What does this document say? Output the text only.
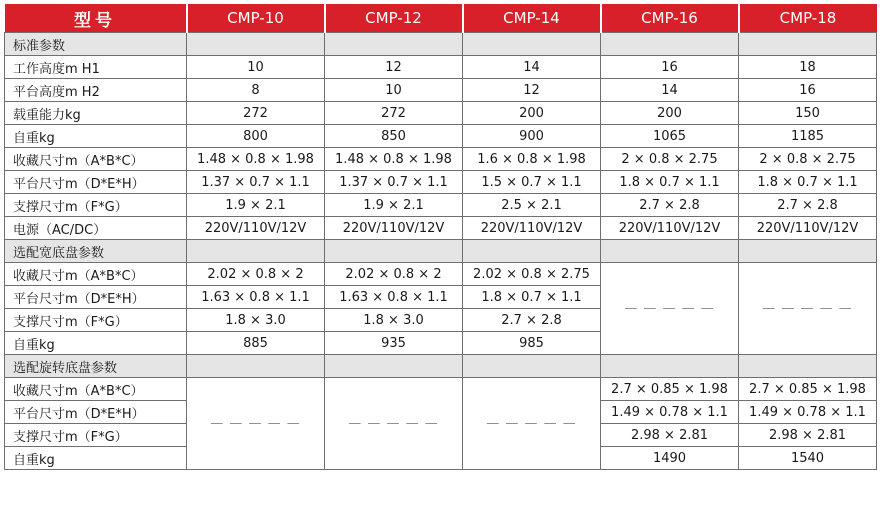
型号	CMP-10	CMP-12	CMP-14	CMP-16	CMP-18
标准参数					
工作高度m H1	10	12	14	16	18
平台高度m H2	8	10	12	14	16
载重能力kg	272	272	200	200	150
自重kg	800	850	900	1065	1185
收藏尺寸m（A*B*C）	1.48 × 0.8 × 1.98	1.48 × 0.8 × 1.98	1.6 × 0.8 × 1.98	2 × 0.8 × 2.75	2 × 0.8 × 2.75
平台尺寸m（D*E*H）	1.37 × 0.7 × 1.1	1.37 × 0.7 × 1.1	1.5 × 0.7 × 1.1	1.8 × 0.7 × 1.1	1.8 × 0.7 × 1.1
支撑尺寸m（F*G）	1.9 × 2.1	1.9 × 2.1	2.5 × 2.1	2.7 × 2.8	2.7 × 2.8
电源（AC/DC）	220V/110V/12V	220V/110V/12V	220V/110V/12V	220V/110V/12V	220V/110V/12V
选配宽底盘参数					
收藏尺寸m（A*B*C）	2.02 × 0.8 × 2	2.02 × 0.8 × 2	2.02 × 0.8 × 2.75	— — — — —	— — — — —
平台尺寸m（D*E*H）	1.63 × 0.8 × 1.1	1.63 × 0.8 × 1.1	1.8 × 0.7 × 1.1		
支撑尺寸m（F*G）	1.8 × 3.0	1.8 × 3.0	2.7 × 2.8		
自重kg	885	935	985		
选配旋转底盘参数					
收藏尺寸m（A*B*C）	— — — — —	— — — — —	— — — — —	2.7 × 0.85 × 1.98	2.7 × 0.85 × 1.98
平台尺寸m（D*E*H）				1.49 × 0.78 × 1.1	1.49 × 0.78 × 1.1
支撑尺寸m（F*G）				2.98 × 2.81	2.98 × 2.81
自重kg				1490	1540
